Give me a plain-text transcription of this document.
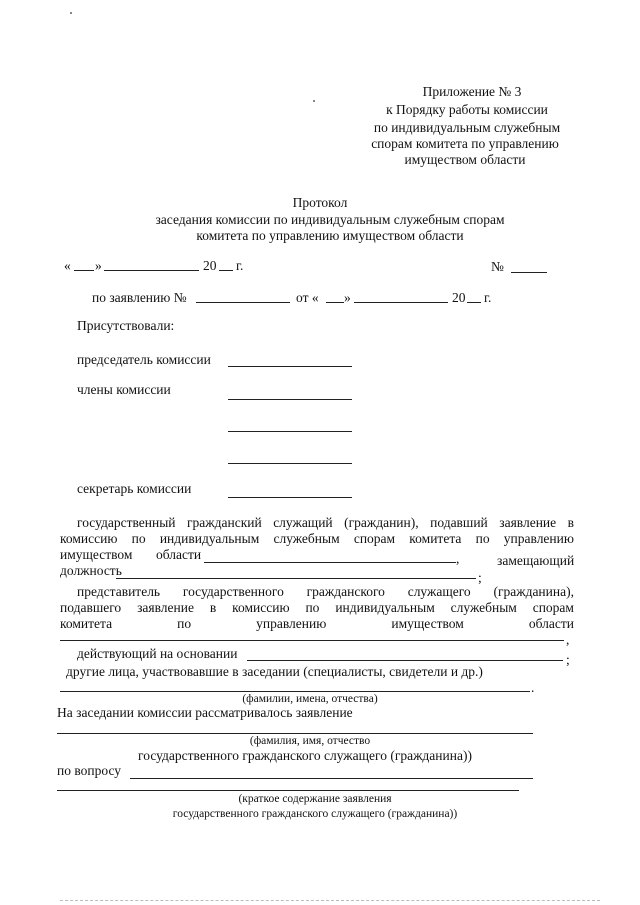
Приложение № 3
к Порядку работы комиссии
по индивидуальным служебным
спорам комитета по управлению
имуществом области
Протокол
заседания комиссии по индивидуальным служебным спорам
комитета по управлению имуществом области
« »	20 г.	№
по заявлению №	от « »	20 г.
Присутствовали:
председатель комиссии
члены комиссии
секретарь комиссии
государственный гражданский служащий (гражданин), подавший заявление в
комиссию по индивидуальным служебным спорам комитета по управлению
имуществом области	,	замещающий
должность	;
представитель государственного гражданского служащего (гражданина),
подавшего заявление в комиссию по индивидуальным служебным спорам
комитета	по	управлению	имуществом	области
,
действующий на основании	;
другие лица, участвовавшие в заседании (специалисты, свидетели и др.)
.
(фамилии, имена, отчества)
На заседании комиссии рассматривалось заявление
(фамилия, имя, отчество
государственного гражданского служащего (гражданина))
по вопросу
(краткое содержание заявления
государственного гражданского служащего (гражданина))
